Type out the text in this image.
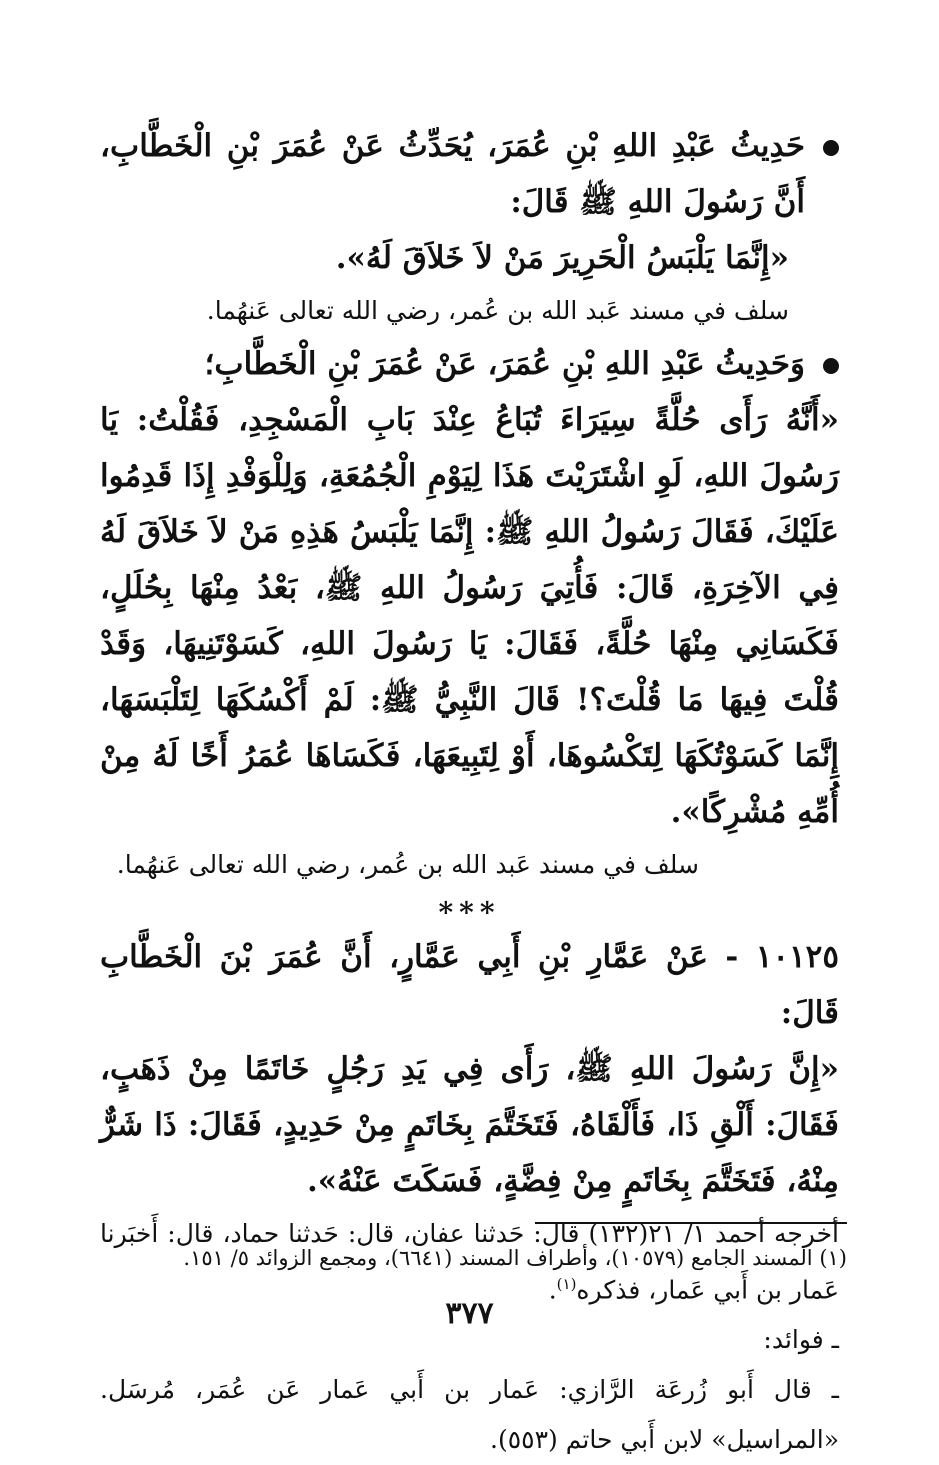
حَدِيثُ عَبْدِ اللهِ بْنِ عُمَرَ، يُحَدِّثُ عَنْ عُمَرَ بْنِ الْخَطَّابِ، أَنَّ رَسُولَ اللهِ ﷺ قَالَ:

«إِنَّمَا يَلْبَسُ الْحَرِيرَ مَنْ لاَ خَلاَقَ لَهُ».

سلف في مسند عَبد الله بن عُمر، رضي الله تعالى عَنهُما.

وَحَدِيثُ عَبْدِ اللهِ بْنِ عُمَرَ، عَنْ عُمَرَ بْنِ الْخَطَّابِ؛

«أَنَّهُ رَأَى حُلَّةً سِيَرَاءَ تُبَاعُ عِنْدَ بَابِ الْمَسْجِدِ، فَقُلْتُ: يَا رَسُولَ اللهِ، لَوِ اشْتَرَيْتَ هَذَا لِيَوْمِ الْجُمُعَةِ، وَلِلْوَفْدِ إِذَا قَدِمُوا عَلَيْكَ، فَقَالَ رَسُولُ اللهِ ﷺ: إِنَّمَا يَلْبَسُ هَذِهِ مَنْ لاَ خَلاَقَ لَهُ فِي الآخِرَةِ، قَالَ: فَأُتِيَ رَسُولُ اللهِ ﷺ، بَعْدُ مِنْهَا بِحُلَلٍ، فَكَسَانِي مِنْهَا حُلَّةً، فَقَالَ: يَا رَسُولَ اللهِ، كَسَوْتَنِيهَا، وَقَدْ قُلْتَ فِيهَا مَا قُلْتَ؟! قَالَ النَّبِيُّ ﷺ: لَمْ أَكْسُكَهَا لِتَلْبَسَهَا، إِنَّمَا كَسَوْتُكَهَا لِتَكْسُوهَا، أَوْ لِتَبِيعَهَا، فَكَسَاهَا عُمَرُ أَخًا لَهُ مِنْ أُمِّهِ مُشْرِكًا».

سلف في مسند عَبد الله بن عُمر، رضي الله تعالى عَنهُما.

***

١٠١٢٥ - عَنْ عَمَّارِ بْنِ أَبِي عَمَّارٍ، أَنَّ عُمَرَ بْنَ الْخَطَّابِ قَالَ:

«إِنَّ رَسُولَ اللهِ ﷺ، رَأَى فِي يَدِ رَجُلٍ خَاتَمًا مِنْ ذَهَبٍ، فَقَالَ: أَلْقِ ذَا، فَأَلْقَاهُ، فَتَخَتَّمَ بِخَاتَمٍ مِنْ حَدِيدٍ، فَقَالَ: ذَا شَرٌّ مِنْهُ، فَتَخَتَّمَ بِخَاتَمٍ مِنْ فِضَّةٍ، فَسَكَتَ عَنْهُ».

أخرجه أحمد ١/ ٢١(١٣٢) قال: حَدثنا عفان، قال: حَدثنا حماد، قال: أَخبَرنا عَمار بن أَبي عَمار، فذكره$^{(١)}$.

ـ فوائد:

ـ قال أَبو زُرعَة الرَّازي: عَمار بن أَبي عَمار عَن عُمَر، مُرسَل. «المراسيل» لابن أَبي حاتم (٥٥٣).

(١) المسند الجامع (١٠٥٧٩)، وأطراف المسند (٦٦٤١)، ومجمع الزوائد ٥/ ١٥١.

٣٧٧
